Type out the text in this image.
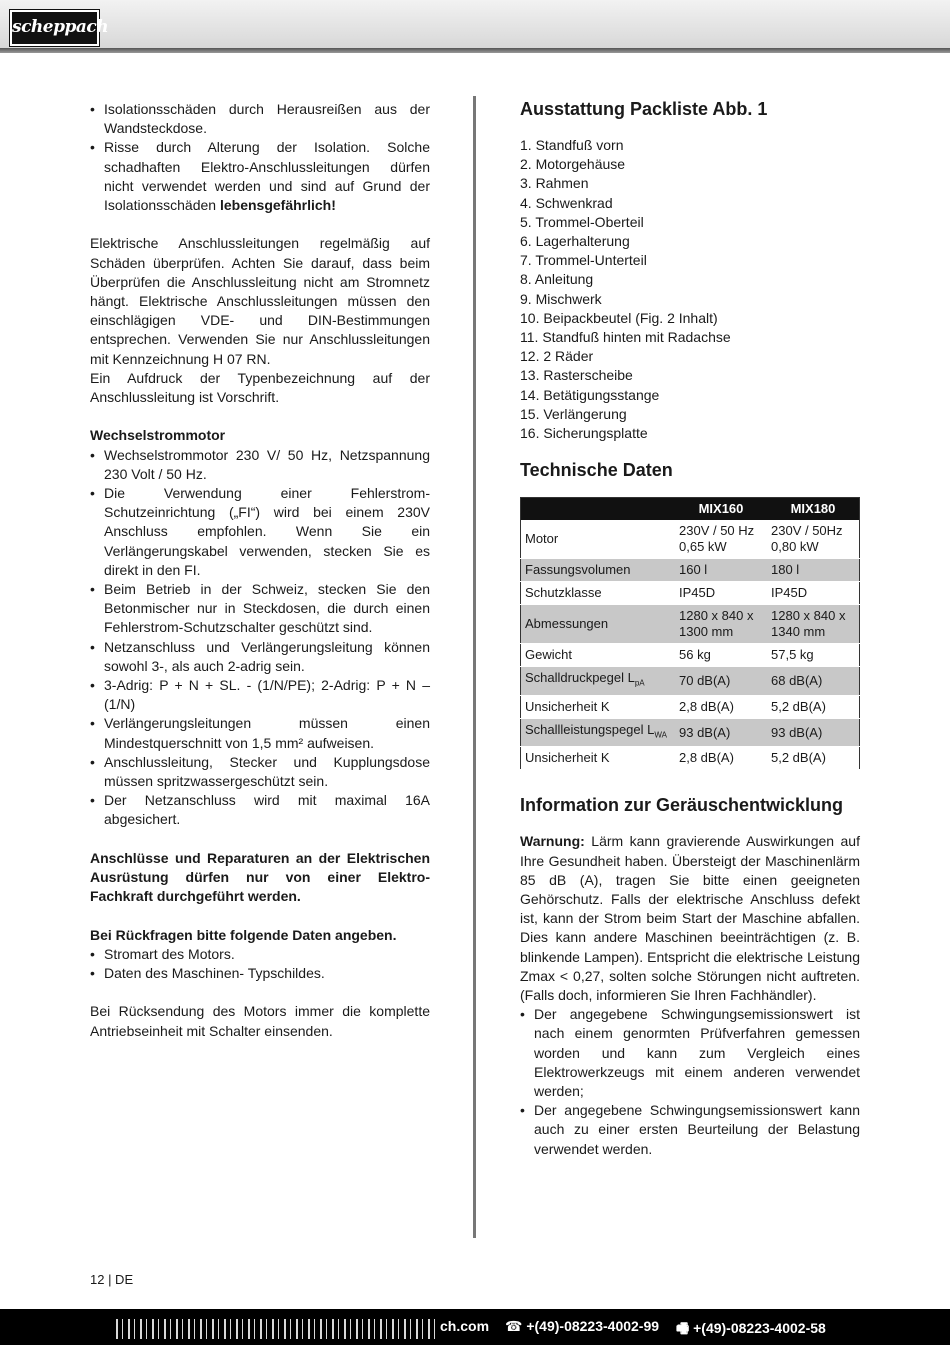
scheppach
• Isolationsschäden durch Herausreißen aus der Wandsteckdose.
• Risse durch Alterung der Isolation. Solche schadhaften Elektro-Anschlussleitungen dürfen nicht verwendet werden und sind auf Grund der Isolationsschäden lebensgefährlich!

Elektrische Anschlussleitungen regelmäßig auf Schäden überprüfen. Achten Sie darauf, dass beim Überprüfen die Anschlussleitung nicht am Stromnetz hängt. Elektrische Anschlussleitungen müssen den einschlägigen VDE- und DIN-Bestimmungen entsprechen. Verwenden Sie nur Anschlussleitungen mit Kennzeichnung H 07 RN.

Ein Aufdruck der Typenbezeichnung auf der Anschlussleitung ist Vorschrift.

Wechselstrommotor
• Wechselstrommotor 230 V/ 50 Hz, Netzspannung 230 Volt / 50 Hz.
• Die Verwendung einer Fehlerstrom-Schutzeinrichtung („FI“) wird bei einem 230V Anschluss empfohlen. Wenn Sie ein Verlängerungskabel verwenden, stecken Sie es direkt in den FI.
• Beim Betrieb in der Schweiz, stecken Sie den Betonmischer nur in Steckdosen, die durch einen Fehlerstrom-Schutzschalter geschützt sind.
• Netzanschluss und Verlängerungsleitung können sowohl 3-, als auch 2-adrig sein.
• 3-Adrig: P + N + SL. - (1/N/PE); 2-Adrig: P + N – (1/N)
• Verlängerungsleitungen müssen einen Mindestquerschnitt von 1,5 mm² aufweisen.
• Anschlussleitung, Stecker und Kupplungsdose müssen spritzwassergeschützt sein.
• Der Netzanschluss wird mit maximal 16A abgesichert.

Anschlüsse und Reparaturen an der Elektrischen Ausrüstung dürfen nur von einer Elektro- Fachkraft durchgeführt werden.

Bei Rückfragen bitte folgende Daten angeben.
• Stromart des Motors.
• Daten des Maschinen- Typschildes.

Bei Rücksendung des Motors immer die komplette Antriebseinheit mit Schalter einsenden.

Ausstattung Packliste Abb. 1
1. Standfuß vorn
2. Motorgehäuse
3. Rahmen
4. Schwenkrad
5. Trommel-Oberteil
6. Lagerhalterung
7. Trommel-Unterteil
8. Anleitung
9. Mischwerk
10. Beipackbeutel (Fig. 2 Inhalt)
11. Standfuß hinten mit Radachse
12. 2 Räder
13. Rasterscheibe
14. Betätigungsstange
15. Verlängerung
16. Sicherungsplatte
Technische Daten
	MIX160	MIX180
Motor	230V / 50 Hz 0,65 kW	230V / 50Hz 0,80 kW
Fassungsvolumen	160 l	180 l
Schutzklasse	IP45D	IP45D
Abmessungen	1280 x 840 x 1300 mm	1280 x 840 x 1340 mm
Gewicht	56 kg	57,5 kg
Schalldruckpegel $L_{pA}$	70 dB(A)	68 dB(A)
Unsicherheit K	2,8 dB(A)	5,2 dB(A)
Schallleistungspegel $L_{WA}$	93 dB(A)	93 dB(A)
Unsicherheit K	2,8 dB(A)	5,2 dB(A)
Information zur Geräuschentwicklung

Warnung: Lärm kann gravierende Auswirkungen auf Ihre Gesundheit haben. Übersteigt der Maschinenlärm 85 dB (A), tragen Sie bitte einen geeigneten Gehörschutz. Falls der elektrische Anschluss defekt ist, kann der Strom beim Start der Maschine abfallen. Dies kann andere Maschinen beeinträchtigen (z. B. blinkende Lampen). Entspricht die elektrische Leistung Zmax < 0,27, solten solche Störungen nicht auftreten. (Falls doch, informieren Sie Ihren Fachhändler).

• Der angegebene Schwingungsemissionswert ist nach einem genormten Prüfverfahren gemessen worden und kann zum Vergleich eines Elektrowerkzeugs mit einem anderen verwendet werden;
• Der angegebene Schwingungsemissionswert kann auch zu einer ersten Beurteilung der Belastung verwendet werden.
12 | DE
ch.com ☎ +(49)-08223-4002-99 🖷 +(49)-08223-4002-58
